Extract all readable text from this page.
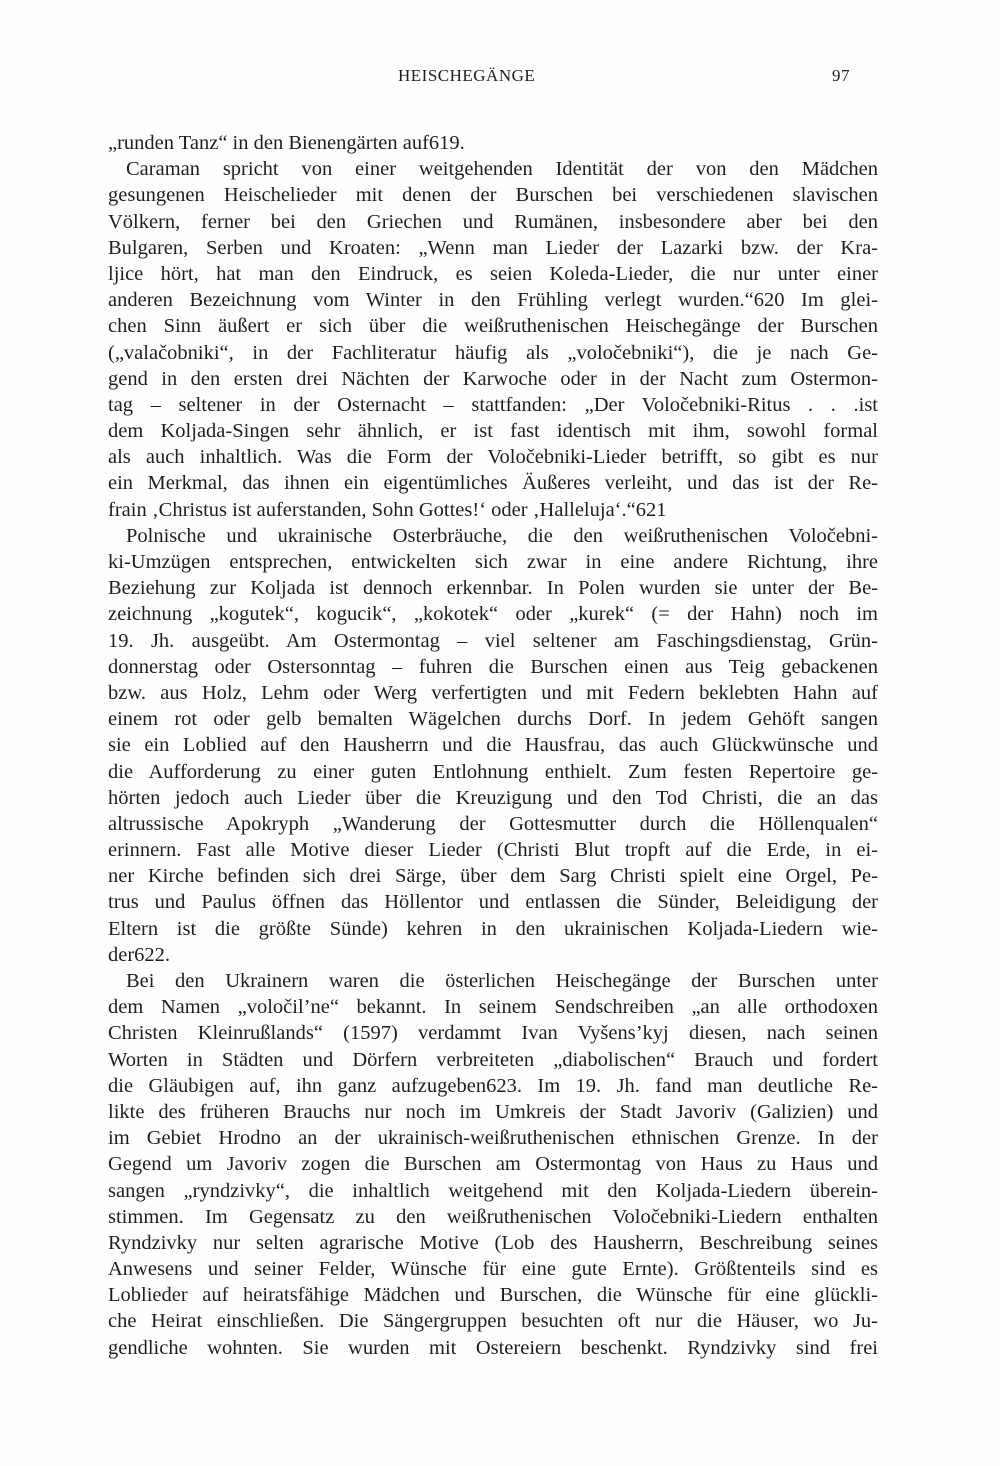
HEISCHEGÄNGE	97
„runden Tanz“ in den Bienengärten auf619.
Caraman spricht von einer weitgehenden Identität der von den Mädchen
gesungenen Heischelieder mit denen der Burschen bei verschiedenen slavischen
Völkern, ferner bei den Griechen und Rumänen, insbesondere aber bei den
Bulgaren, Serben und Kroaten: „Wenn man Lieder der Lazarki bzw. der Kra-
ljice hört, hat man den Eindruck, es seien Koleda-Lieder, die nur unter einer
anderen Bezeichnung vom Winter in den Frühling verlegt wurden.“620 Im glei-
chen Sinn äußert er sich über die weißruthenischen Heischegänge der Burschen
(„valačobniki“, in der Fachliteratur häufig als „voločebniki“), die je nach Ge-
gend in den ersten drei Nächten der Karwoche oder in der Nacht zum Ostermon-
tag – seltener in der Osternacht – stattfanden: „Der Voločebniki-Ritus . . .ist
dem Koljada-Singen sehr ähnlich, er ist fast identisch mit ihm, sowohl formal
als auch inhaltlich. Was die Form der Voločebniki-Lieder betrifft, so gibt es nur
ein Merkmal, das ihnen ein eigentümliches Äußeres verleiht, und das ist der Re-
frain ‚Christus ist auferstanden, Sohn Gottes!‘ oder ‚Halleluja‘.“621
Polnische und ukrainische Osterbräuche, die den weißruthenischen Voločebni-
ki-Umzügen entsprechen, entwickelten sich zwar in eine andere Richtung, ihre
Beziehung zur Koljada ist dennoch erkennbar. In Polen wurden sie unter der Be-
zeichnung „kogutek“, kogucik“, „kokotek“ oder „kurek“ (= der Hahn) noch im
19. Jh. ausgeübt. Am Ostermontag – viel seltener am Faschingsdienstag, Grün-
donnerstag oder Ostersonntag – fuhren die Burschen einen aus Teig gebackenen
bzw. aus Holz, Lehm oder Werg verfertigten und mit Federn beklebten Hahn auf
einem rot oder gelb bemalten Wägelchen durchs Dorf. In jedem Gehöft sangen
sie ein Loblied auf den Hausherrn und die Hausfrau, das auch Glückwünsche und
die Aufforderung zu einer guten Entlohnung enthielt. Zum festen Repertoire ge-
hörten jedoch auch Lieder über die Kreuzigung und den Tod Christi, die an das
altrussische Apokryph „Wanderung der Gottesmutter durch die Höllenqualen“
erinnern. Fast alle Motive dieser Lieder (Christi Blut tropft auf die Erde, in ei-
ner Kirche befinden sich drei Särge, über dem Sarg Christi spielt eine Orgel, Pe-
trus und Paulus öffnen das Höllentor und entlassen die Sünder, Beleidigung der
Eltern ist die größte Sünde) kehren in den ukrainischen Koljada-Liedern wie-
der622.
Bei den Ukrainern waren die österlichen Heischegänge der Burschen unter
dem Namen „voločil’ne“ bekannt. In seinem Sendschreiben „an alle orthodoxen
Christen Kleinrußlands“ (1597) verdammt Ivan Vyšens’kyj diesen, nach seinen
Worten in Städten und Dörfern verbreiteten „diabolischen“ Brauch und fordert
die Gläubigen auf, ihn ganz aufzugeben623. Im 19. Jh. fand man deutliche Re-
likte des früheren Brauchs nur noch im Umkreis der Stadt Javoriv (Galizien) und
im Gebiet Hrodno an der ukrainisch-weißruthenischen ethnischen Grenze. In der
Gegend um Javoriv zogen die Burschen am Ostermontag von Haus zu Haus und
sangen „ryndzivky“, die inhaltlich weitgehend mit den Koljada-Liedern überein-
stimmen. Im Gegensatz zu den weißruthenischen Voločebniki-Liedern enthalten
Ryndzivky nur selten agrarische Motive (Lob des Hausherrn, Beschreibung seines
Anwesens und seiner Felder, Wünsche für eine gute Ernte). Größtenteils sind es
Loblieder auf heiratsfähige Mädchen und Burschen, die Wünsche für eine glückli-
che Heirat einschließen. Die Sängergruppen besuchten oft nur die Häuser, wo Ju-
gendliche wohnten. Sie wurden mit Ostereiern beschenkt. Ryndzivky sind frei
